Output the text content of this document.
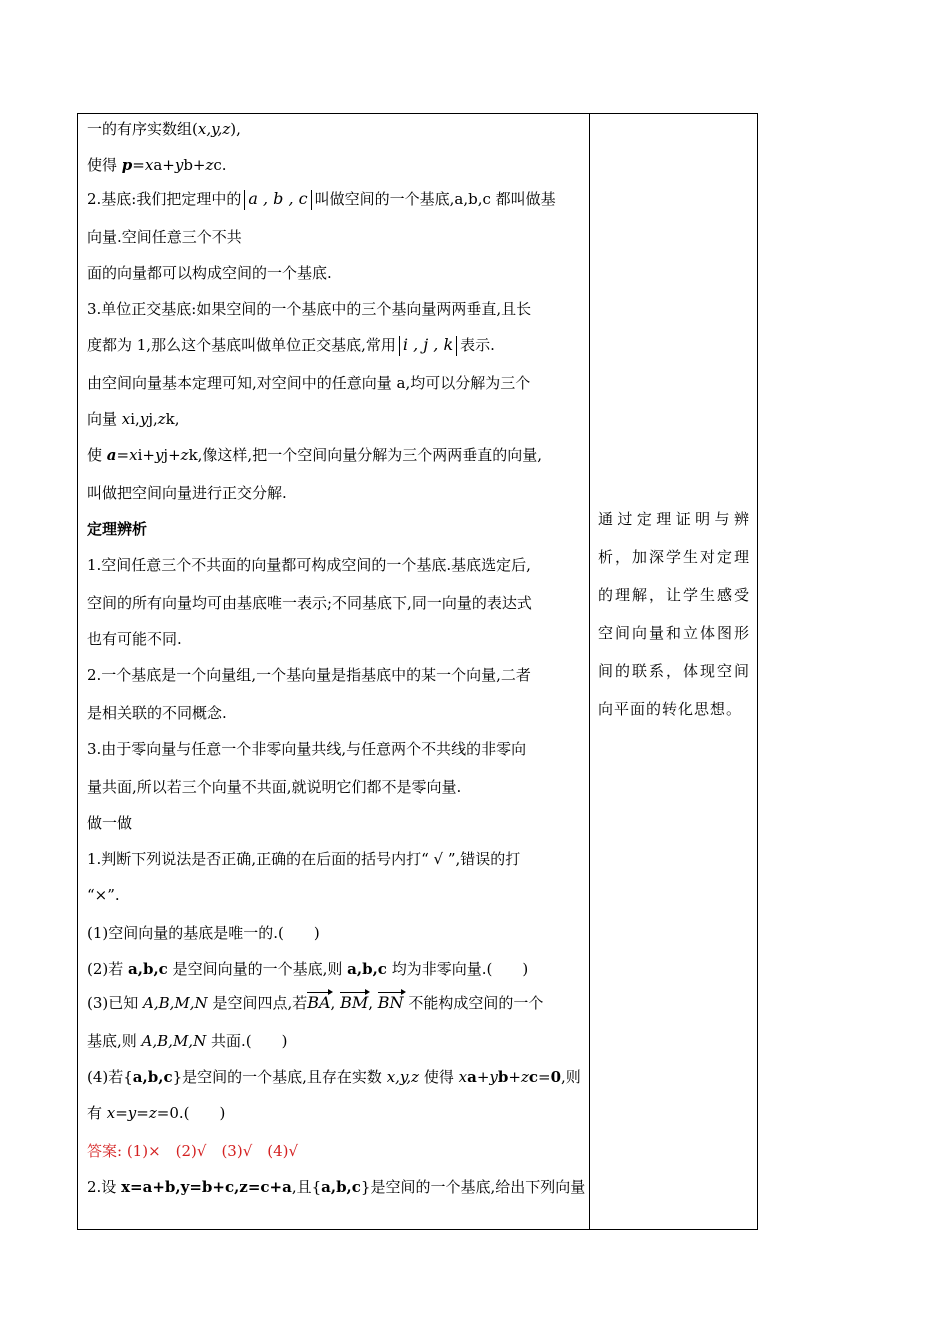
一的有序实数组(x,y,z),
使得 p=xa+yb+zc.
2.基底:我们把定理中的 a , b , c 叫做空间的一个基底,a,b,c 都叫做基
向量.空间任意三个不共
面的向量都可以构成空间的一个基底.
3.单位正交基底:如果空间的一个基底中的三个基向量两两垂直,且长
度都为 1,那么这个基底叫做单位正交基底,常用 i , j , k 表示.
由空间向量基本定理可知,对空间中的任意向量 a,均可以分解为三个
向量 xi,yj,zk,
使 a=xi+yj+zk,像这样,把一个空间向量分解为三个两两垂直的向量,
叫做把空间向量进行正交分解.
定理辨析
1.空间任意三个不共面的向量都可构成空间的一个基底.基底选定后,
空间的所有向量均可由基底唯一表示;不同基底下,同一向量的表达式
也有可能不同.
2.一个基底是一个向量组,一个基向量是指基底中的某一个向量,二者
是相关联的不同概念.
3.由于零向量与任意一个非零向量共线,与任意两个不共线的非零向
量共面,所以若三个向量不共面,就说明它们都不是零向量.
做一做
1.判断下列说法是否正确,正确的在后面的括号内打“ √ ”,错误的打
“×”.
(1)空间向量的基底是唯一的.(　　)
(2)若 a,b,c 是空间向量的一个基底,则 a,b,c 均为非零向量.(　　)
(3)已知 A,B,M,N 是空间四点,若BA, BM, BN 不能构成空间的一个
基底,则 A,B,M,N 共面.(　　)
(4)若{a,b,c}是空间的一个基底,且存在实数 x,y,z 使得 xa+yb+zc=0,则
有 x=y=z=0.(　　)
答案: (1)×　(2)√　(3)√　(4)√
2.设 x=a+b,y=b+c,z=c+a,且{a,b,c}是空间的一个基底,给出下列向量
通过定理证明与辨析，加深学生对定理的理解，让学生感受空间向量和立体图形间的联系，体现空间向平面的转化思想。
